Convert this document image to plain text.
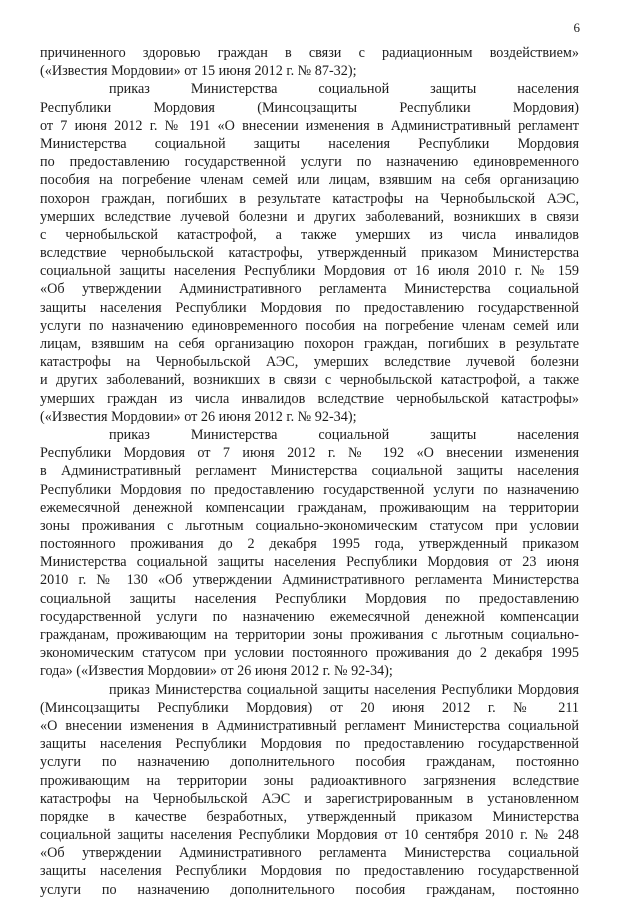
6
причиненного здоровью граждан в связи с радиационным воздействием»
(«Известия Мордовии» от 15 июня 2012 г. № 87-32);
приказ Министерства социальной защиты населения
Республики Мордовия (Минсоцзащиты Республики Мордовия)
от 7 июня 2012 г. № 191 «О внесении изменения в Административный регламент
Министерства социальной защиты населения Республики Мордовия
по предоставлению государственной услуги по назначению единовременного
пособия на погребение членам семей или лицам, взявшим на себя организацию
похорон граждан, погибших в результате катастрофы на Чернобыльской АЭС,
умерших вследствие лучевой болезни и других заболеваний, возникших в связи
с чернобыльской катастрофой, а также умерших из числа инвалидов
вследствие чернобыльской катастрофы, утвержденный приказом Министерства
социальной защиты населения Республики Мордовия от 16 июля 2010 г. № 159
«Об утверждении Административного регламента Министерства социальной
защиты населения Республики Мордовия по предоставлению государственной
услуги по назначению единовременного пособия на погребение членам семей или
лицам, взявшим на себя организацию похорон граждан, погибших в результате
катастрофы на Чернобыльской АЭС, умерших вследствие лучевой болезни
и других заболеваний, возникших в связи с чернобыльской катастрофой, а также
умерших граждан из числа инвалидов вследствие чернобыльской катастрофы»
(«Известия Мордовии» от 26 июня 2012 г. № 92-34);
приказ Министерства социальной защиты населения
Республики Мордовия от 7 июня 2012 г. № 192 «О внесении изменения
в Административный регламент Министерства социальной защиты населения
Республики Мордовия по предоставлению государственной услуги по назначению
ежемесячной денежной компенсации гражданам, проживающим на территории
зоны проживания с льготным социально-экономическим статусом при условии
постоянного проживания до 2 декабря 1995 года, утвержденный приказом
Министерства социальной защиты населения Республики Мордовия от 23 июня
2010 г. № 130 «Об утверждении Административного регламента Министерства
социальной защиты населения Республики Мордовия по предоставлению
государственной услуги по назначению ежемесячной денежной компенсации
гражданам, проживающим на территории зоны проживания с льготным социально-
экономическим статусом при условии постоянного проживания до 2 декабря 1995
года» («Известия Мордовии» от 26 июня 2012 г. № 92-34);
приказ Министерства социальной защиты населения Республики Мордовия
(Минсоцзащиты Республики Мордовия) от 20 июня 2012 г. № 211
«О внесении изменения в Административный регламент Министерства социальной
защиты населения Республики Мордовия по предоставлению государственной
услуги по назначению дополнительного пособия гражданам, постоянно
проживающим на территории зоны радиоактивного загрязнения вследствие
катастрофы на Чернобыльской АЭС и зарегистрированным в установленном
порядке в качестве безработных, утвержденный приказом Министерства
социальной защиты населения Республики Мордовия от 10 сентября 2010 г. № 248
«Об утверждении Административного регламента Министерства социальной
защиты населения Республики Мордовия по предоставлению государственной
услуги по назначению дополнительного пособия гражданам, постоянно
